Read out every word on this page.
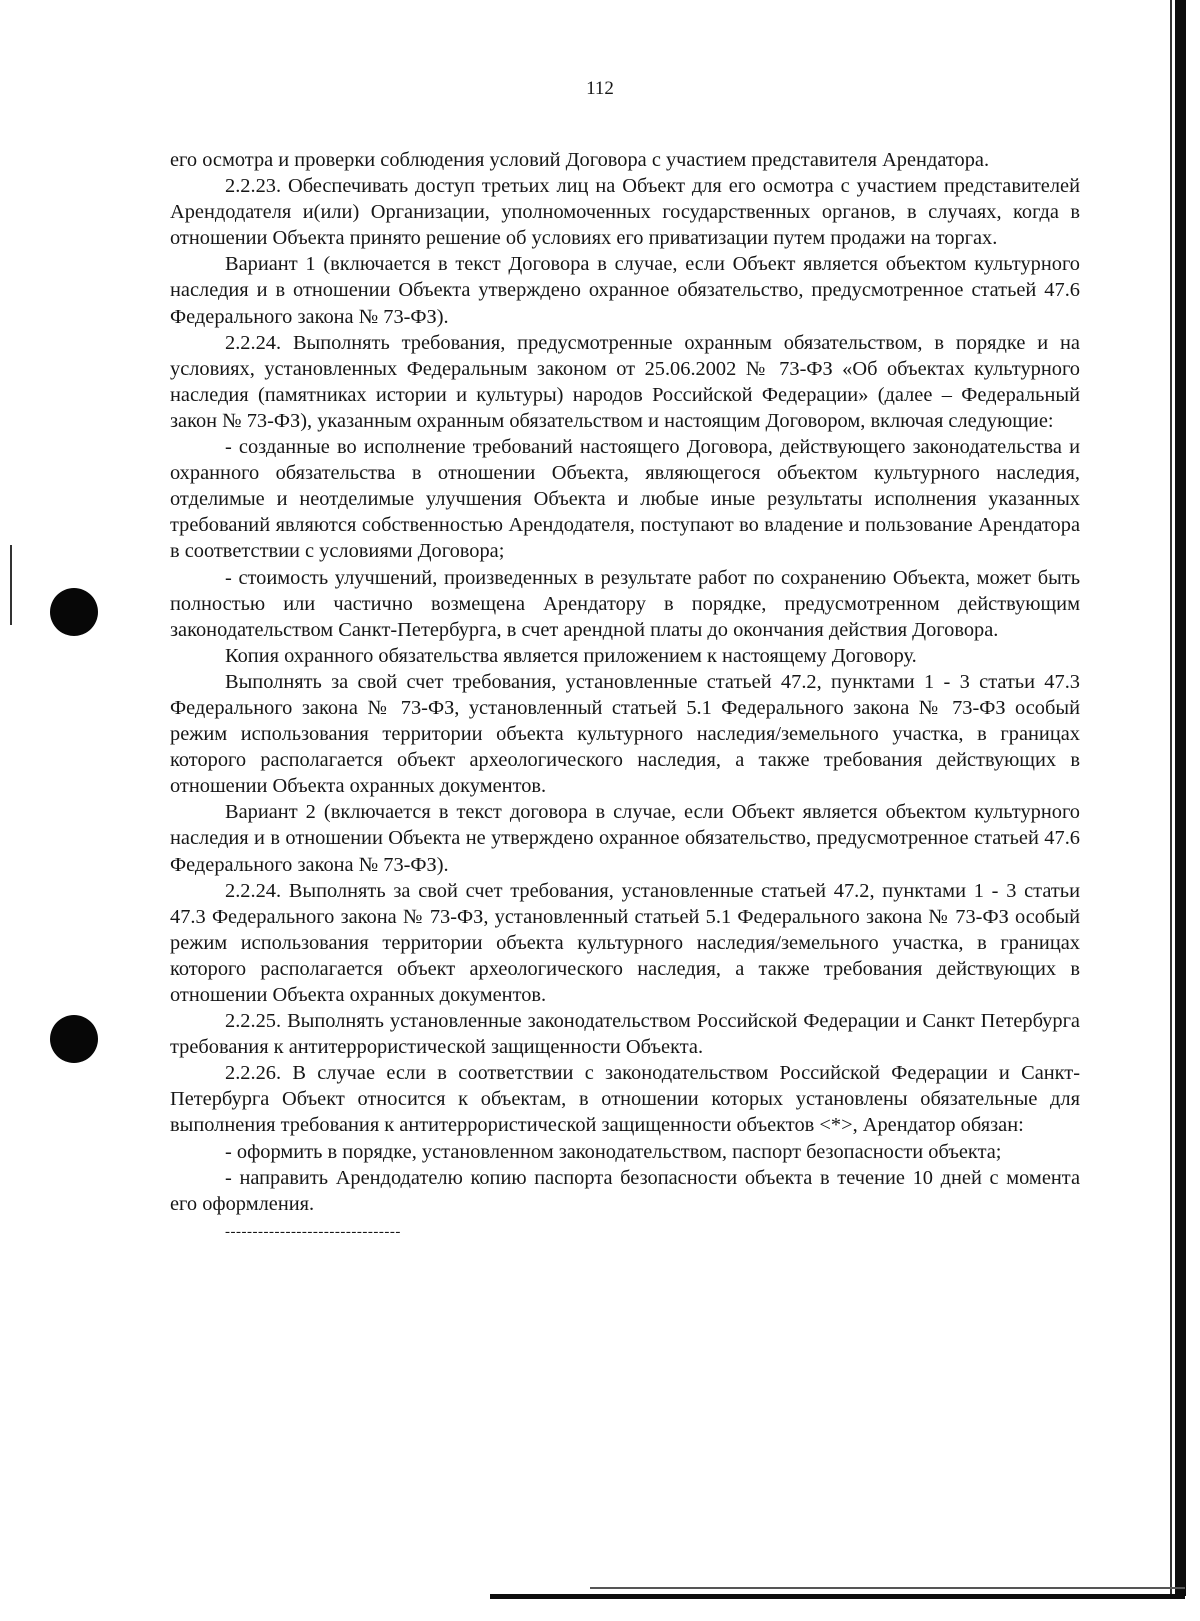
112

его осмотра и проверки соблюдения условий Договора с участием представителя Арендатора.

2.2.23. Обеспечивать доступ третьих лиц на Объект для его осмотра с участием представителей Арендодателя и(или) Организации, уполномоченных государственных органов, в случаях, когда в отношении Объекта принято решение об условиях его приватизации путем продажи на торгах.

Вариант 1 (включается в текст Договора в случае, если Объект является объектом культурного наследия и в отношении Объекта утверждено охранное обязательство, предусмотренное статьей 47.6 Федерального закона № 73-ФЗ).

2.2.24. Выполнять требования, предусмотренные охранным обязательством, в порядке и на условиях, установленных Федеральным законом от 25.06.2002 № 73-ФЗ «Об объектах культурного наследия (памятниках истории и культуры) народов Российской Федерации» (далее – Федеральный закон № 73-ФЗ), указанным охранным обязательством и настоящим Договором, включая следующие:

- созданные во исполнение требований настоящего Договора, действующего законодательства и охранного обязательства в отношении Объекта, являющегося объектом культурного наследия, отделимые и неотделимые улучшения Объекта и любые иные результаты исполнения указанных требований являются собственностью Арендодателя, поступают во владение и пользование Арендатора в соответствии с условиями Договора;

- стоимость улучшений, произведенных в результате работ по сохранению Объекта, может быть полностью или частично возмещена Арендатору в порядке, предусмотренном действующим законодательством Санкт-Петербурга, в счет арендной платы до окончания действия Договора.

Копия охранного обязательства является приложением к настоящему Договору.

Выполнять за свой счет требования, установленные статьей 47.2, пунктами 1 - 3 статьи 47.3 Федерального закона № 73-ФЗ, установленный статьей 5.1 Федерального закона № 73-ФЗ особый режим использования территории объекта культурного наследия/земельного участка, в границах которого располагается объект археологического наследия, а также требования действующих в отношении Объекта охранных документов.

Вариант 2 (включается в текст договора в случае, если Объект является объектом культурного наследия и в отношении Объекта не утверждено охранное обязательство, предусмотренное статьей 47.6 Федерального закона № 73-ФЗ).

2.2.24. Выполнять за свой счет требования, установленные статьей 47.2, пунктами 1 - 3 статьи 47.3 Федерального закона № 73-ФЗ, установленный статьей 5.1 Федерального закона № 73-ФЗ особый режим использования территории объекта культурного наследия/земельного участка, в границах которого располагается объект археологического наследия, а также требования действующих в отношении Объекта охранных документов.

2.2.25. Выполнять установленные законодательством Российской Федерации и Санкт Петербурга требования к антитеррористической защищенности Объекта.

2.2.26. В случае если в соответствии с законодательством Российской Федерации и Санкт-Петербурга Объект относится к объектам, в отношении которых установлены обязательные для выполнения требования к антитеррористической защищенности объектов <*>, Арендатор обязан:

- оформить в порядке, установленном законодательством, паспорт безопасности объекта;

- направить Арендодателю копию паспорта безопасности объекта в течение 10 дней с момента его оформления.

--------------------------------
